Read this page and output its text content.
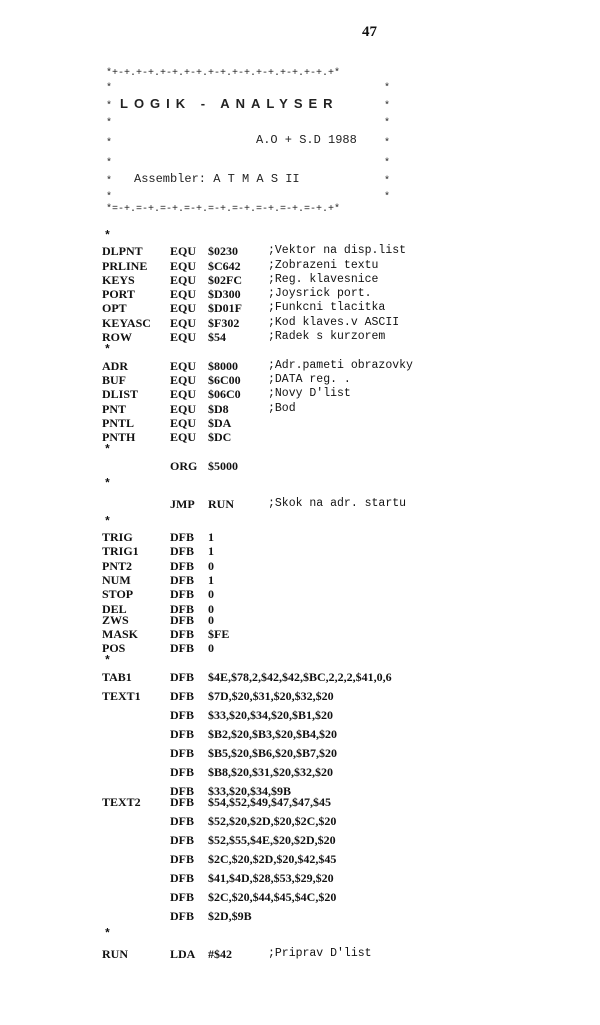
47
*+-+.+-+.+-+.+-+.+-+.+-+.+-+.+-+.+-+.+*
*	*
*	*
*	*
*	*
*	*
*	*
*	*
LOGIK - ANALYSER
A.O + S.D 1988
Assembler: A T M A S II
*=-+.=-+.=-+.=-+.=-+.=-+.=-+.=-+.=-+.+*
*
DLPNT EQU $0230	;Vektor na disp.list
PRLINE EQU $C642 ;Zobrazeni textu
KEYS	EQU $02FC ;Reg. klavesnice
PORT	EQU $D300 ;Joysrick port.
OPT	EQU $D01F ;Funkcni tlacitka
KEYASC EQU $F302 ;Kod klaves.v ASCII
ROW	EQU $54	;Radek s kurzorem
*
ADR	EQU $8000	;Adr.pameti obrazovky
BUF	EQU $6C00 ;DATA reg. .
DLIST	EQU $06C0 ;Novy D'list
PNT	EQU $D8	;Bod
PNTL	EQU $DA
PNTH	EQU $DC
*
ORG $5000
*
JMP RUN	;Skok na adr. startu
*
TRIG	DFB 1
TRIG1	DFB 1
PNT2	DFB 0
NUM	DFB 1
STOP	DFB 0
DEL	DFB 0
ZWS	DFB 0
MASK	DFB $FE
POS	DFB 0
*
TAB1	DFB $4E,$78,2,$42,$42,$BC,2,2,2,$41,0,6
TEXT1 DFB $7D,$20,$31,$20,$32,$20
DFB $33,$20,$34,$20,$B1,$20
DFB $B2,$20,$B3,$20,$B4,$20
DFB $B5,$20,$B6,$20,$B7,$20
DFB $B8,$20,$31,$20,$32,$20
DFB $33,$20,$34,$9B
TEXT2 DFB $54,$52,$49,$47,$47,$45
DFB $52,$20,$2D,$20,$2C,$20
DFB $52,$55,$4E,$20,$2D,$20
DFB $2C,$20,$2D,$20,$42,$45
DFB $41,$4D,$28,$53,$29,$20
DFB $2C,$20,$44,$45,$4C,$20
DFB $2D,$9B
*
RUN	LDA #$42	;Priprav D'list
